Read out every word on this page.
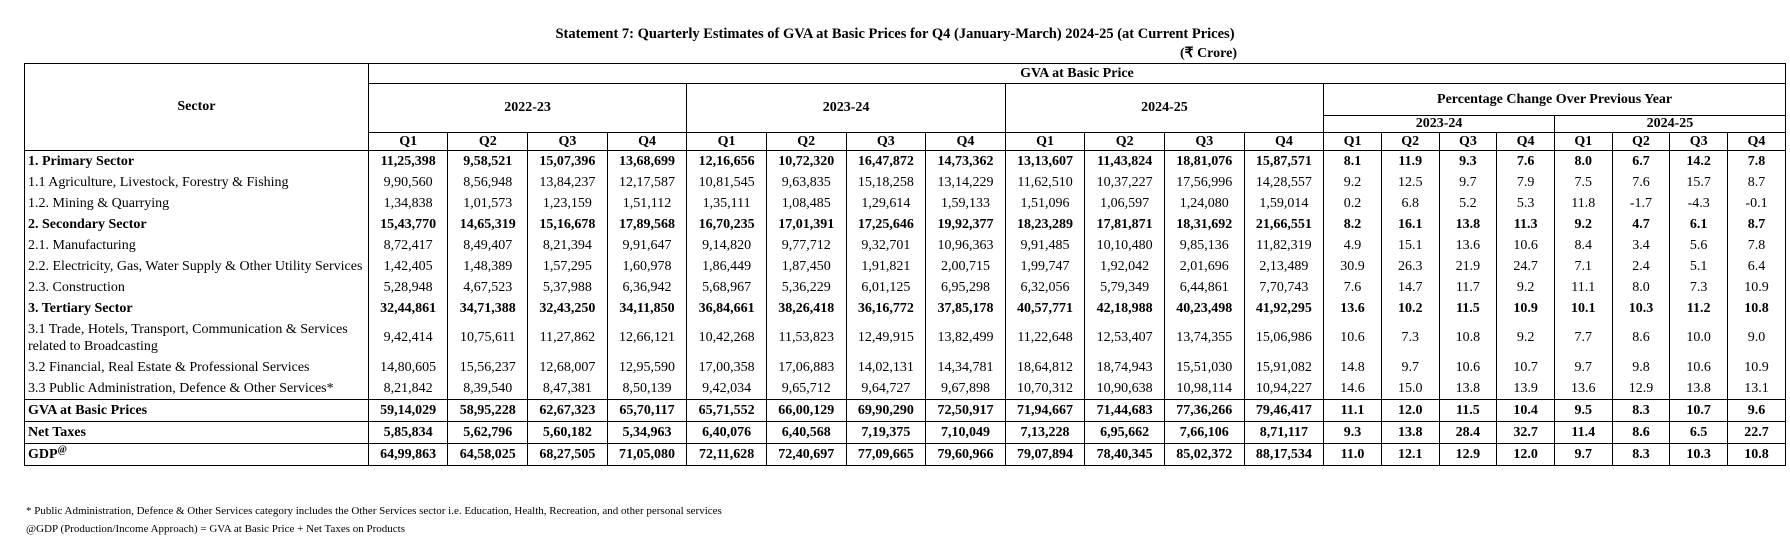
Statement 7: Quarterly Estimates of GVA at Basic Prices for Q4 (January-March) 2024-25 (at Current Prices)
(₹ Crore)
Sector	GVA at Basic Price																			
	2022-23				2023-24				2024-25				Percentage Change Over Previous Year							
													2023-24				2024-25			
	Q1	Q2	Q3	Q4	Q1	Q2	Q3	Q4	Q1	Q2	Q3	Q4	Q1	Q2	Q3	Q4	Q1	Q2	Q3	Q4
1. Primary Sector	11,25,398	9,58,521	15,07,396	13,68,699	12,16,656	10,72,320	16,47,872	14,73,362	13,13,607	11,43,824	18,81,076	15,87,571	8.1	11.9	9.3	7.6	8.0	6.7	14.2	7.8
1.1 Agriculture, Livestock, Forestry & Fishing	9,90,560	8,56,948	13,84,237	12,17,587	10,81,545	9,63,835	15,18,258	13,14,229	11,62,510	10,37,227	17,56,996	14,28,557	9.2	12.5	9.7	7.9	7.5	7.6	15.7	8.7
1.2. Mining & Quarrying	1,34,838	1,01,573	1,23,159	1,51,112	1,35,111	1,08,485	1,29,614	1,59,133	1,51,096	1,06,597	1,24,080	1,59,014	0.2	6.8	5.2	5.3	11.8	-1.7	-4.3	-0.1
2. Secondary Sector	15,43,770	14,65,319	15,16,678	17,89,568	16,70,235	17,01,391	17,25,646	19,92,377	18,23,289	17,81,871	18,31,692	21,66,551	8.2	16.1	13.8	11.3	9.2	4.7	6.1	8.7
2.1. Manufacturing	8,72,417	8,49,407	8,21,394	9,91,647	9,14,820	9,77,712	9,32,701	10,96,363	9,91,485	10,10,480	9,85,136	11,82,319	4.9	15.1	13.6	10.6	8.4	3.4	5.6	7.8
2.2. Electricity, Gas, Water Supply & Other Utility Services	1,42,405	1,48,389	1,57,295	1,60,978	1,86,449	1,87,450	1,91,821	2,00,715	1,99,747	1,92,042	2,01,696	2,13,489	30.9	26.3	21.9	24.7	7.1	2.4	5.1	6.4
2.3. Construction	5,28,948	4,67,523	5,37,988	6,36,942	5,68,967	5,36,229	6,01,125	6,95,298	6,32,056	5,79,349	6,44,861	7,70,743	7.6	14.7	11.7	9.2	11.1	8.0	7.3	10.9
3. Tertiary Sector	32,44,861	34,71,388	32,43,250	34,11,850	36,84,661	38,26,418	36,16,772	37,85,178	40,57,771	42,18,988	40,23,498	41,92,295	13.6	10.2	11.5	10.9	10.1	10.3	11.2	10.8
3.1 Trade, Hotels, Transport, Communication & Services related to Broadcasting	9,42,414	10,75,611	11,27,862	12,66,121	10,42,268	11,53,823	12,49,915	13,82,499	11,22,648	12,53,407	13,74,355	15,06,986	10.6	7.3	10.8	9.2	7.7	8.6	10.0	9.0
3.2 Financial, Real Estate & Professional Services	14,80,605	15,56,237	12,68,007	12,95,590	17,00,358	17,06,883	14,02,131	14,34,781	18,64,812	18,74,943	15,51,030	15,91,082	14.8	9.7	10.6	10.7	9.7	9.8	10.6	10.9
3.3 Public Administration, Defence & Other Services*	8,21,842	8,39,540	8,47,381	8,50,139	9,42,034	9,65,712	9,64,727	9,67,898	10,70,312	10,90,638	10,98,114	10,94,227	14.6	15.0	13.8	13.9	13.6	12.9	13.8	13.1
GVA at Basic Prices	59,14,029	58,95,228	62,67,323	65,70,117	65,71,552	66,00,129	69,90,290	72,50,917	71,94,667	71,44,683	77,36,266	79,46,417	11.1	12.0	11.5	10.4	9.5	8.3	10.7	9.6
Net Taxes	5,85,834	5,62,796	5,60,182	5,34,963	6,40,076	6,40,568	7,19,375	7,10,049	7,13,228	6,95,662	7,66,106	8,71,117	9.3	13.8	28.4	32.7	11.4	8.6	6.5	22.7
GDP@	64,99,863	64,58,025	68,27,505	71,05,080	72,11,628	72,40,697	77,09,665	79,60,966	79,07,894	78,40,345	85,02,372	88,17,534	11.0	12.1	12.9	12.0	9.7	8.3	10.3	10.8
* Public Administration, Defence & Other Services category includes the Other Services sector i.e. Education, Health, Recreation, and other personal services
@GDP (Production/Income Approach) = GVA at Basic Price + Net Taxes on Products
